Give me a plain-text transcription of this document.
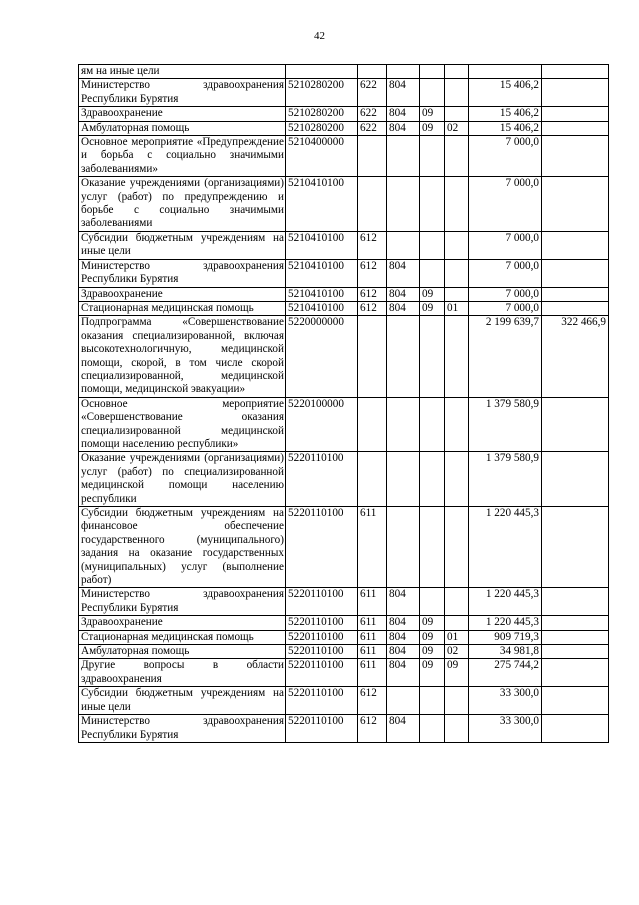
42
ям на иные цели							
Министерство здравоохранения Республики Бурятия	5210280200	622	804			15 406,2	
Здравоохранение	5210280200	622	804	09		15 406,2	
Амбулаторная помощь	5210280200	622	804	09	02	15 406,2	
Основное мероприятие «Предупреждение и борьба с социально значимыми заболеваниями»	5210400000					7 000,0	
Оказание учреждениями (организациями) услуг (работ) по предупреждению и борьбе с социально значимыми заболеваниями	5210410100					7 000,0	
Субсидии бюджетным учреждениям на иные цели	5210410100	612				7 000,0	
Министерство здравоохранения Республики Бурятия	5210410100	612	804			7 000,0	
Здравоохранение	5210410100	612	804	09		7 000,0	
Стационарная медицинская помощь	5210410100	612	804	09	01	7 000,0	
Подпрограмма «Совершенствование оказания специализированной, включая высокотехнологичную, медицинской помощи, скорой, в том числе скорой специализированной, медицинской помощи, медицинской эвакуации»	5220000000					2 199 639,7	322 466,9
Основное мероприятие «Совершенствование оказания специализированной медицинской помощи населению республики»	5220100000					1 379 580,9	
Оказание учреждениями (организациями) услуг (работ) по специализированной медицинской помощи населению республики	5220110100					1 379 580,9	
Субсидии бюджетным учреждениям на финансовое обеспечение государственного (муниципального) задания на оказание государственных (муниципальных) услуг (выполнение работ)	5220110100	611				1 220 445,3	
Министерство здравоохранения Республики Бурятия	5220110100	611	804			1 220 445,3	
Здравоохранение	5220110100	611	804	09		1 220 445,3	
Стационарная медицинская помощь	5220110100	611	804	09	01	909 719,3	
Амбулаторная помощь	5220110100	611	804	09	02	34 981,8	
Другие вопросы в области здравоохранения	5220110100	611	804	09	09	275 744,2	
Субсидии бюджетным учреждениям на иные цели	5220110100	612				33 300,0	
Министерство здравоохранения Республики Бурятия	5220110100	612	804			33 300,0	
